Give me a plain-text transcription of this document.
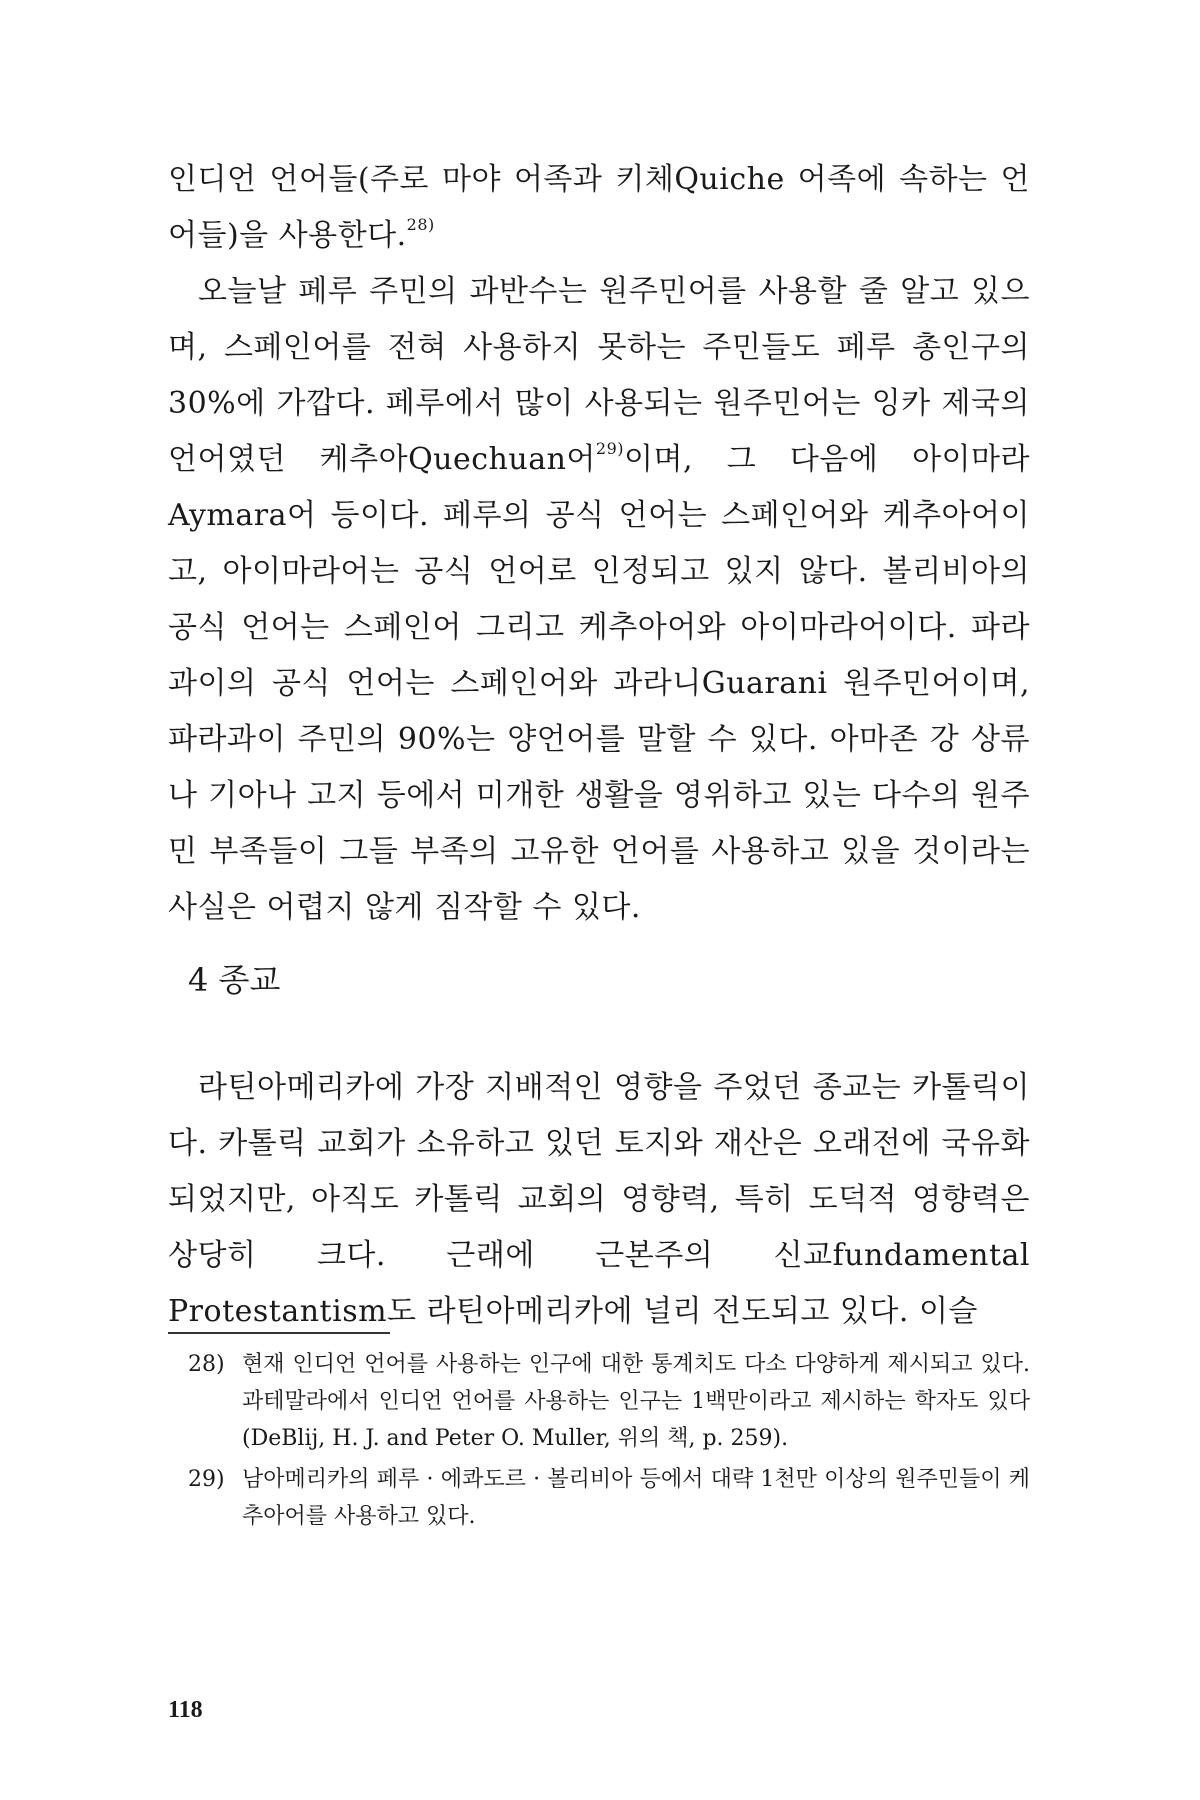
인디언 언어들(주로 마야 어족과 키체Quiche 어족에 속하는 언어들)을 사용한다.$^{28)}$

오늘날 페루 주민의 과반수는 원주민어를 사용할 줄 알고 있으며, 스페인어를 전혀 사용하지 못하는 주민들도 페루 총인구의 30%에 가깝다. 페루에서 많이 사용되는 원주민어는 잉카 제국의 언어였던 케추아Quechuan어$^{29)}$이며, 그 다음에 아이마라Aymara어 등이다. 페루의 공식 언어는 스페인어와 케추아어이고, 아이마라어는 공식 언어로 인정되고 있지 않다. 볼리비아의 공식 언어는 스페인어 그리고 케추아어와 아이마라어이다. 파라과이의 공식 언어는 스페인어와 과라니Guarani 원주민어이며, 파라과이 주민의 90%는 양언어를 말할 수 있다. 아마존 강 상류나 기아나 고지 등에서 미개한 생활을 영위하고 있는 다수의 원주민 부족들이 그들 부족의 고유한 언어를 사용하고 있을 것이라는 사실은 어렵지 않게 짐작할 수 있다.

4 종교

라틴아메리카에 가장 지배적인 영향을 주었던 종교는 카톨릭이다. 카톨릭 교회가 소유하고 있던 토지와 재산은 오래전에 국유화되었지만, 아직도 카톨릭 교회의 영향력, 특히 도덕적 영향력은 상당히 크다. 근래에 근본주의 신교fundamental Protestantism도 라틴아메리카에 널리 전도되고 있다. 이슬

28) 현재 인디언 언어를 사용하는 인구에 대한 통계치도 다소 다양하게 제시되고 있다. 과테말라에서 인디언 언어를 사용하는 인구는 1백만이라고 제시하는 학자도 있다(DeBlij, H. J. and Peter O. Muller, 위의 책, p. 259).
29) 남아메리카의 페루 · 에콰도르 · 볼리비아 등에서 대략 1천만 이상의 원주민들이 케추아어를 사용하고 있다.
118
